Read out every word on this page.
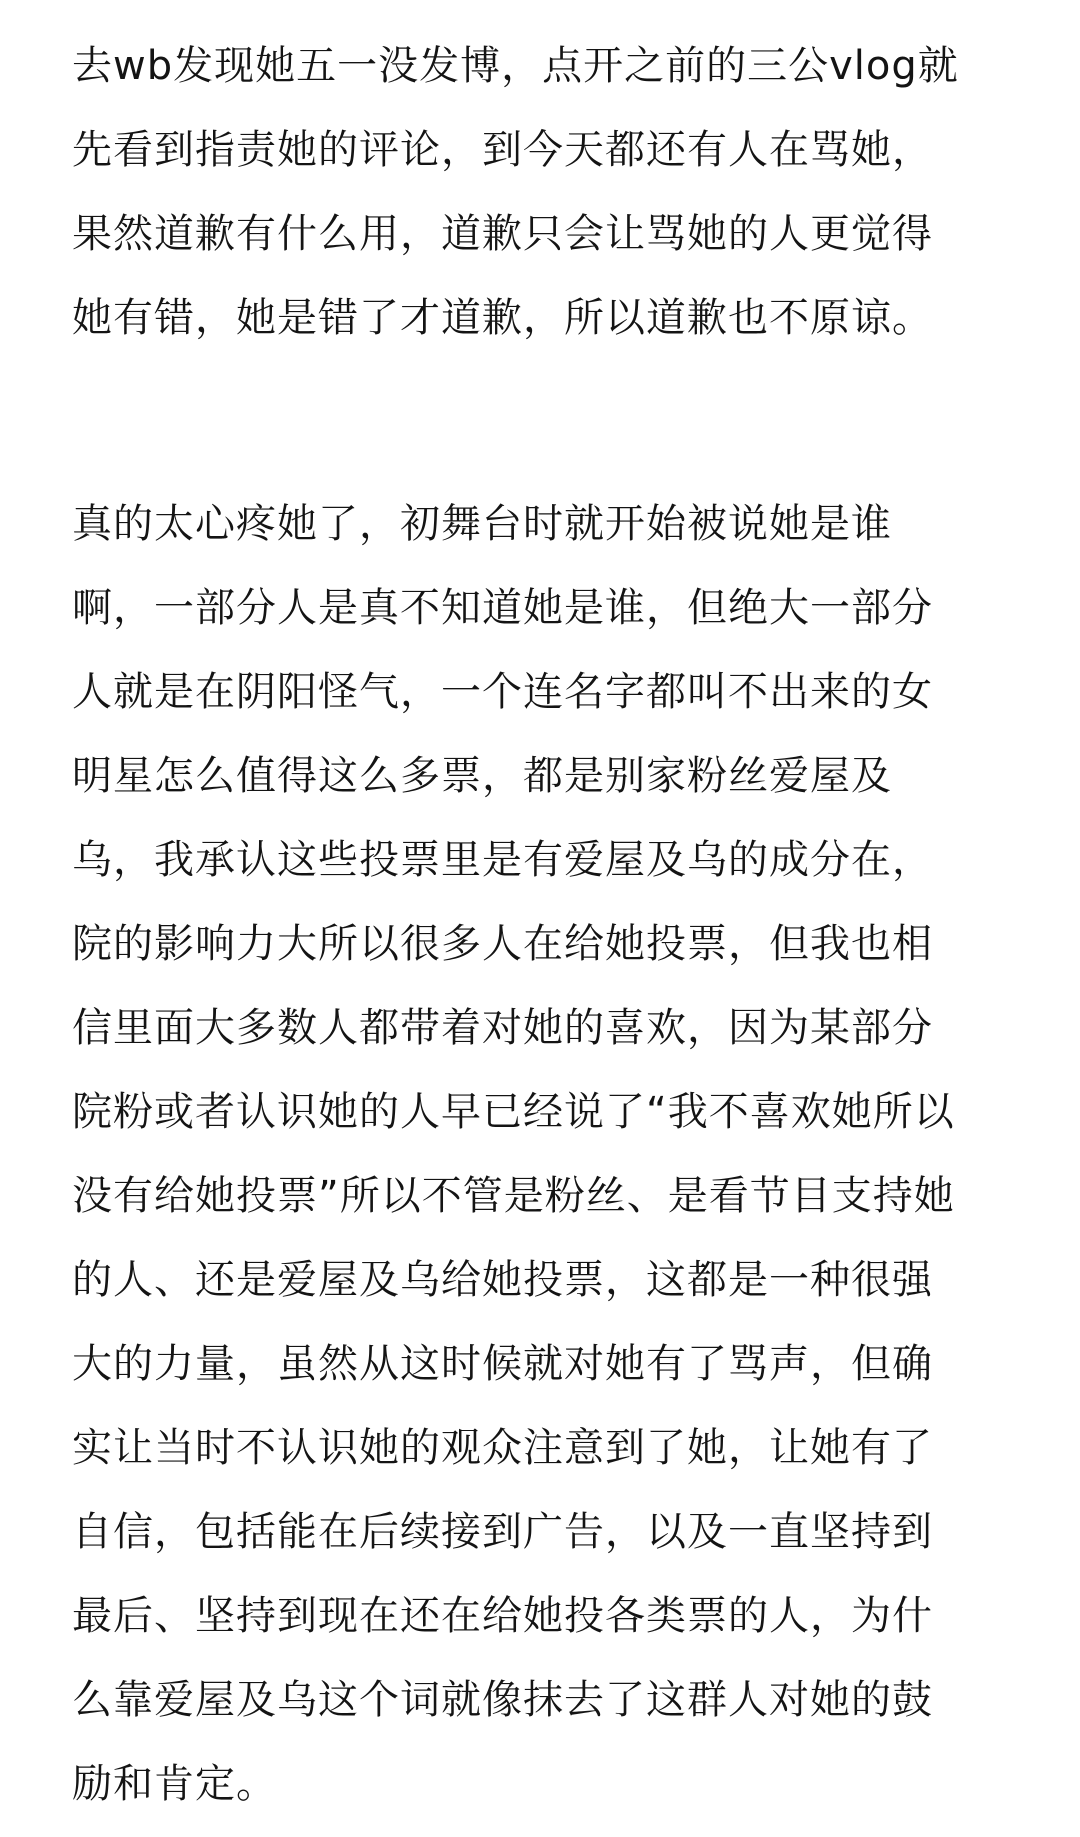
去wb发现她五一没发博，点开之前的三公vlog就
先看到指责她的评论，到今天都还有人在骂她，
果然道歉有什么用，道歉只会让骂她的人更觉得
她有错，她是错了才道歉，所以道歉也不原谅。
真的太心疼她了，初舞台时就开始被说她是谁
啊，一部分人是真不知道她是谁，但绝大一部分
人就是在阴阳怪气，一个连名字都叫不出来的女
明星怎么值得这么多票，都是别家粉丝爱屋及
乌，我承认这些投票里是有爱屋及乌的成分在，
院的影响力大所以很多人在给她投票，但我也相
信里面大多数人都带着对她的喜欢，因为某部分
院粉或者认识她的人早已经说了“我不喜欢她所以
没有给她投票”所以不管是粉丝、是看节目支持她
的人、还是爱屋及乌给她投票，这都是一种很强
大的力量，虽然从这时候就对她有了骂声，但确
实让当时不认识她的观众注意到了她，让她有了
自信，包括能在后续接到广告，以及一直坚持到
最后、坚持到现在还在给她投各类票的人，为什
么靠爱屋及乌这个词就像抹去了这群人对她的鼓
励和肯定。
